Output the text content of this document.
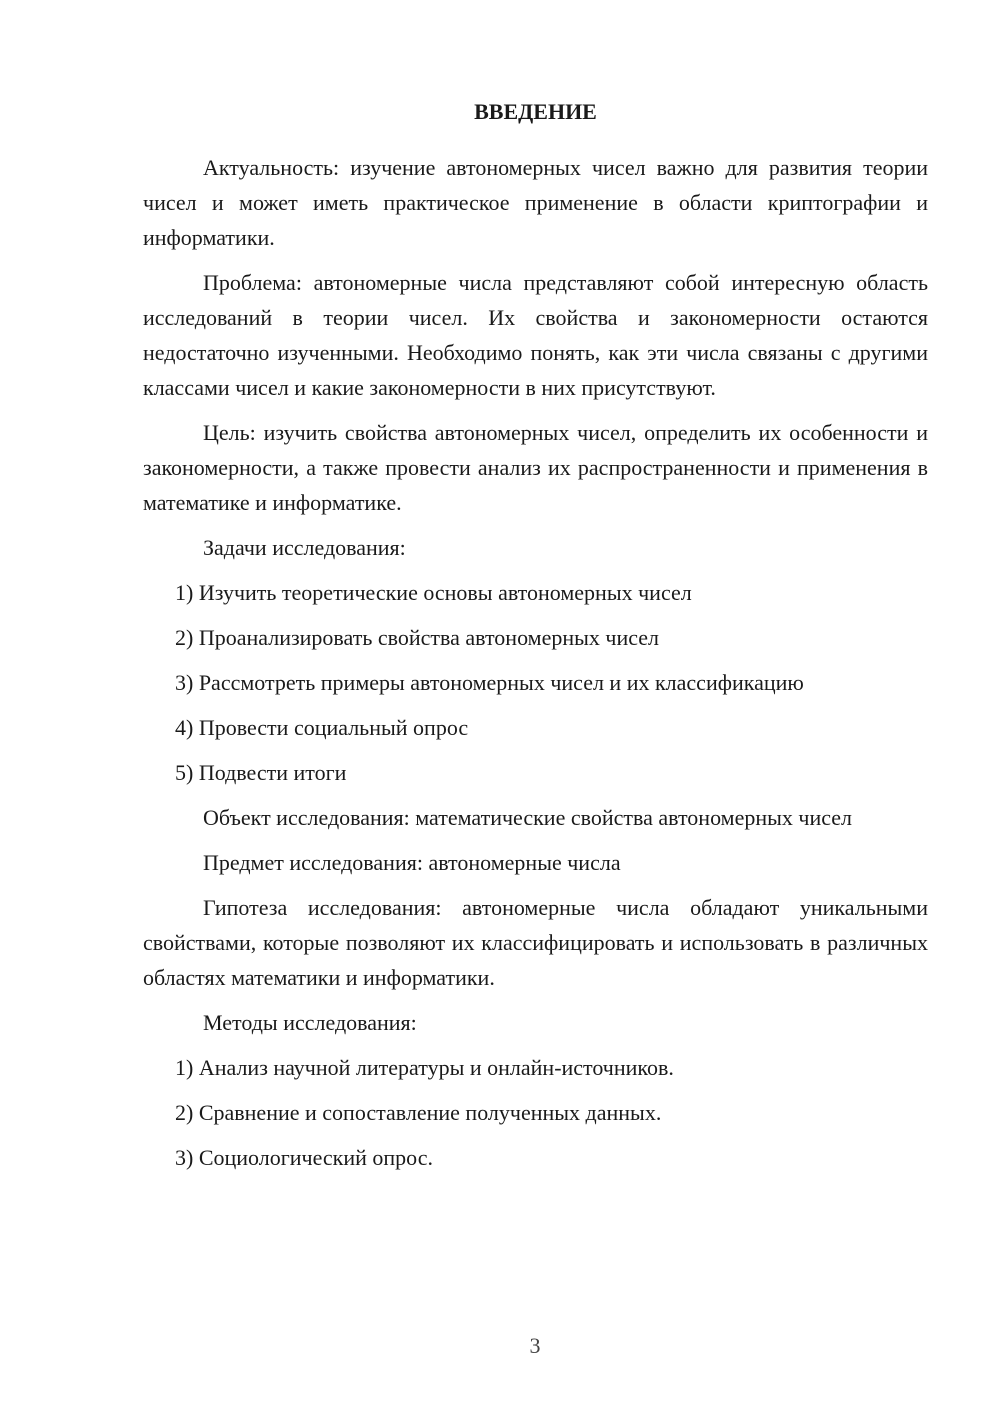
ВВЕДЕНИЕ

Актуальность: изучение автономерных чисел важно для развития теории чисел и может иметь практическое применение в области криптографии и информатики.

Проблема: автономерные числа представляют собой интересную область исследований в теории чисел. Их свойства и закономерности остаются недостаточно изученными. Необходимо понять, как эти числа связаны с другими классами чисел и какие закономерности в них присутствуют.

Цель: изучить свойства автономерных чисел, определить их особенности и закономерности, а также провести анализ их распространенности и применения в математике и информатике.

Задачи исследования:

1) Изучить теоретические основы автономерных чисел

2) Проанализировать свойства автономерных чисел

3) Рассмотреть примеры автономерных чисел и их классификацию

4) Провести социальный опрос

5) Подвести итоги

Объект исследования: математические свойства автономерных чисел

Предмет исследования: автономерные числа

Гипотеза исследования: автономерные числа обладают уникальными свойствами, которые позволяют их классифицировать и использовать в различных областях математики и информатики.

Методы исследования:

1) Анализ научной литературы и онлайн-источников.

2) Сравнение и сопоставление полученных данных.

3) Социологический опрос.

3
